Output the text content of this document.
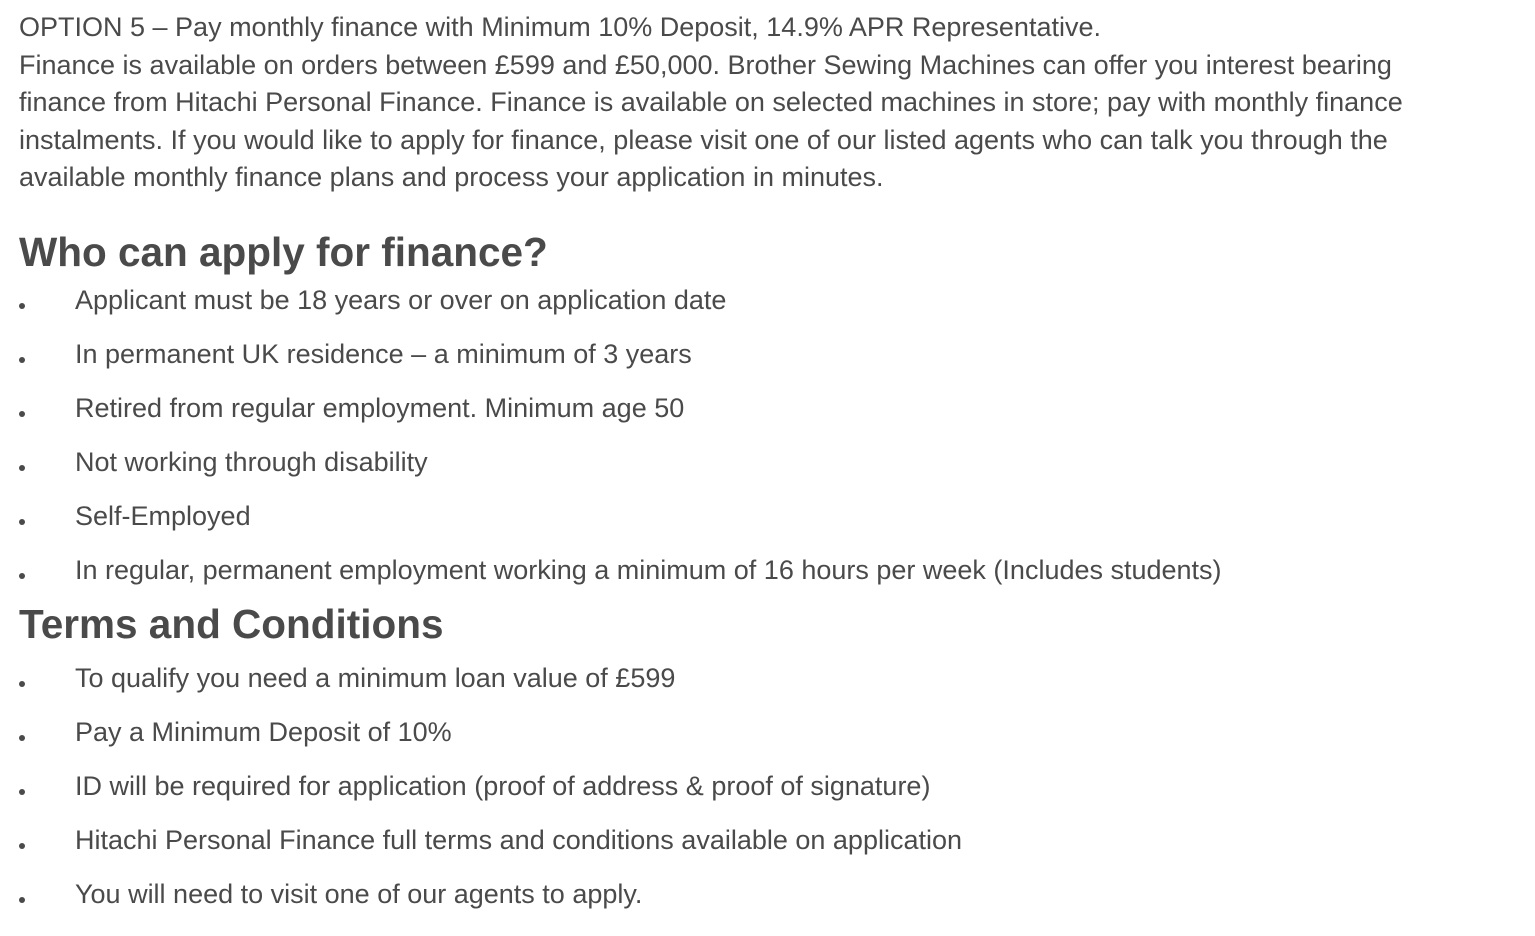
OPTION 5 – Pay monthly finance with Minimum 10% Deposit, 14.9% APR Representative.
Finance is available on orders between £599 and £50,000. Brother Sewing Machines can offer you interest bearing
finance from Hitachi Personal Finance. Finance is available on selected machines in store; pay with monthly finance
instalments. If you would like to apply for finance, please visit one of our listed agents who can talk you through the
available monthly finance plans and process your application in minutes.

Who can apply for finance?
Applicant must be 18 years or over on application date
In permanent UK residence – a minimum of 3 years
Retired from regular employment. Minimum age 50
Not working through disability
Self-Employed
In regular, permanent employment working a minimum of 16 hours per week (Includes students)
Terms and Conditions
To qualify you need a minimum loan value of £599
Pay a Minimum Deposit of 10%
ID will be required for application (proof of address & proof of signature)
Hitachi Personal Finance full terms and conditions available on application
You will need to visit one of our agents to apply.
